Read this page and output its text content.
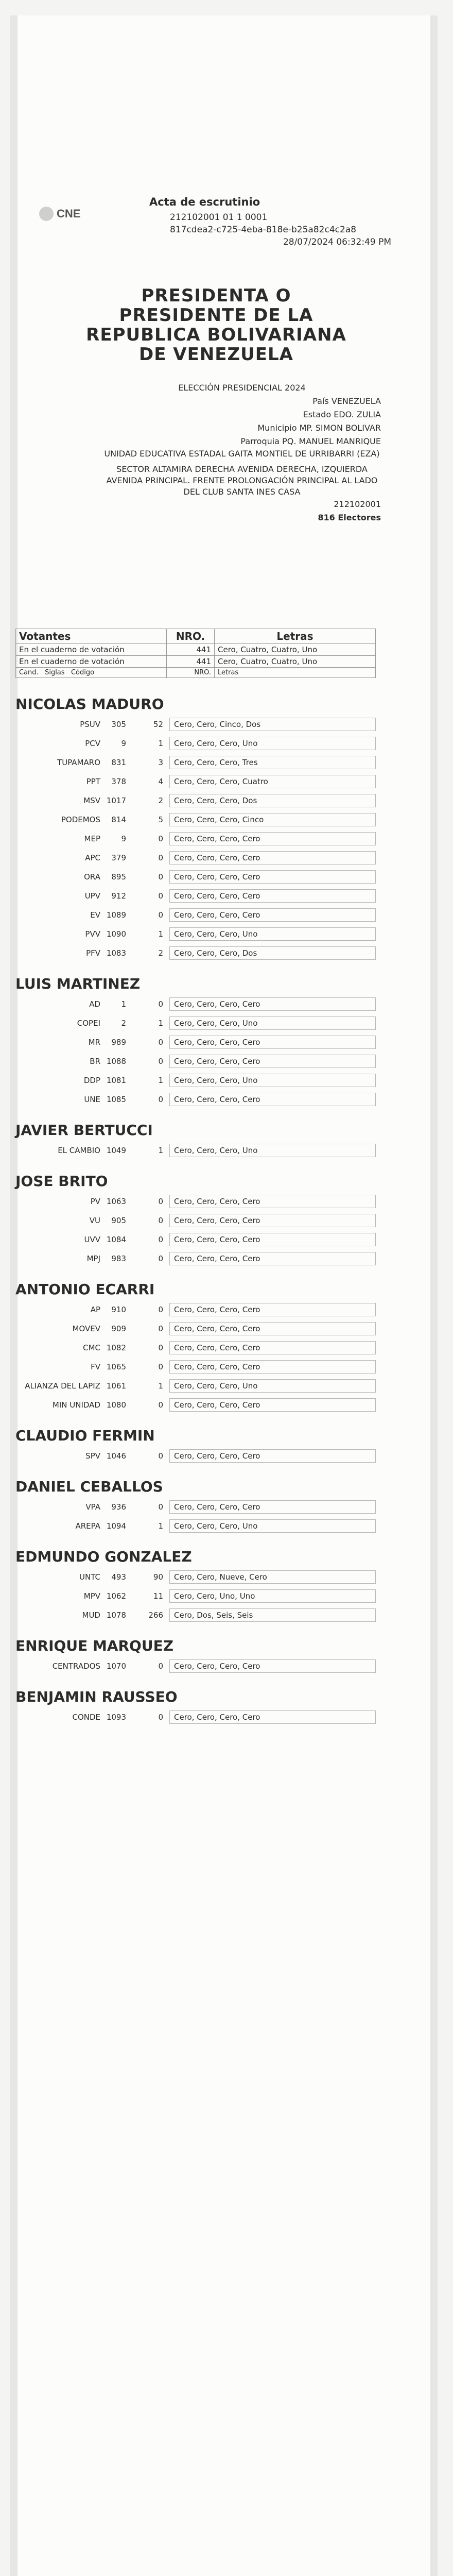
CNE
Acta de escrutinio
212102001 01 1 0001
817cdea2-c725-4eba-818e-b25a82c4c2a8
28/07/2024 06:32:49 PM
PRESIDENTA O PRESIDENTE DE LA REPUBLICA BOLIVARIANA DE VENEZUELA
ELECCIÓN PRESIDENCIAL 2024
País VENEZUELA
Estado EDO. ZULIA
Municipio MP. SIMON BOLIVAR
Parroquia PQ. MANUEL MANRIQUE
UNIDAD EDUCATIVA ESTADAL GAITA MONTIEL DE URRIBARRI (EZA)
SECTOR ALTAMIRA DERECHA AVENIDA DERECHA, IZQUIERDA AVENIDA PRINCIPAL. FRENTE PROLONGACIÓN PRINCIPAL AL LADO DEL CLUB SANTA INES CASA
212102001
816 Electores
Votantes	NRO.	Letras
En el cuaderno de votación	441	Cero, Cuatro, Cuatro, Uno
En el cuaderno de votación	441	Cero, Cuatro, Cuatro, Uno
Cand. Siglas Código	NRO.	Letras
NICOLAS MADURO
PSUV	305	52	Cero, Cero, Cinco, Dos
PCV	9	1	Cero, Cero, Cero, Uno
TUPAMARO	831	3	Cero, Cero, Cero, Tres
PPT	378	4	Cero, Cero, Cero, Cuatro
MSV 1017	2	Cero, Cero, Cero, Dos
PODEMOS	814	5	Cero, Cero, Cero, Cinco
MEP	9	0	Cero, Cero, Cero, Cero
APC	379	0	Cero, Cero, Cero, Cero
ORA	895	0	Cero, Cero, Cero, Cero
UPV	912	0	Cero, Cero, Cero, Cero
EV 1089	0	Cero, Cero, Cero, Cero
PVV 1090	1	Cero, Cero, Cero, Uno
PFV 1083	2	Cero, Cero, Cero, Dos
LUIS MARTINEZ
AD	1	0	Cero, Cero, Cero, Cero
COPEI	2	1	Cero, Cero, Cero, Uno
MR	989	0	Cero, Cero, Cero, Cero
BR 1088	0	Cero, Cero, Cero, Cero
DDP 1081	1	Cero, Cero, Cero, Uno
UNE 1085	0	Cero, Cero, Cero, Cero
JAVIER BERTUCCI
EL CAMBIO 1049	1	Cero, Cero, Cero, Uno
JOSE BRITO
PV 1063	0	Cero, Cero, Cero, Cero
VU	905	0	Cero, Cero, Cero, Cero
UVV 1084	0	Cero, Cero, Cero, Cero
MPJ	983	0	Cero, Cero, Cero, Cero
ANTONIO ECARRI
AP	910	0	Cero, Cero, Cero, Cero
MOVEV	909	0	Cero, Cero, Cero, Cero
CMC 1082	0	Cero, Cero, Cero, Cero
FV 1065	0	Cero, Cero, Cero, Cero
ALIANZA DEL LAPIZ 1061	1	Cero, Cero, Cero, Uno
MIN UNIDAD 1080	0	Cero, Cero, Cero, Cero
CLAUDIO FERMIN
SPV 1046	0	Cero, Cero, Cero, Cero
DANIEL CEBALLOS
VPA	936	0	Cero, Cero, Cero, Cero
AREPA 1094	1	Cero, Cero, Cero, Uno
EDMUNDO GONZALEZ
UNTC	493	90	Cero, Cero, Nueve, Cero
MPV 1062	11	Cero, Cero, Uno, Uno
MUD 1078	266	Cero, Dos, Seis, Seis
ENRIQUE MARQUEZ
CENTRADOS 1070	0	Cero, Cero, Cero, Cero
BENJAMIN RAUSSEO
CONDE 1093	0	Cero, Cero, Cero, Cero
